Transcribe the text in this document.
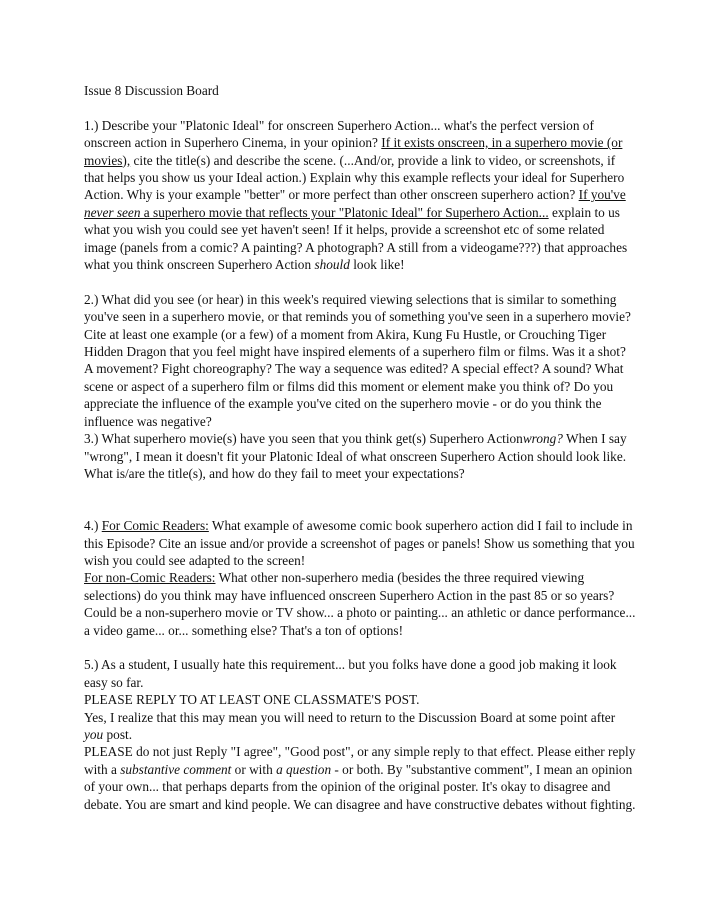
Issue 8 Discussion Board

1.) Describe your "Platonic Ideal" for onscreen Superhero Action... what's the perfect version of onscreen action in Superhero Cinema, in your opinion? If it exists onscreen, in a superhero movie (or movies), cite the title(s) and describe the scene. (...And/or, provide a link to video, or screenshots, if that helps you show us your Ideal action.) Explain why this example reflects your ideal for Superhero Action. Why is your example "better" or more perfect than other onscreen superhero action? If you've never seen a superhero movie that reflects your "Platonic Ideal" for Superhero Action... explain to us what you wish you could see yet haven't seen! If it helps, provide a screenshot etc of some related image (panels from a comic? A painting? A photograph? A still from a videogame???) that approaches what you think onscreen Superhero Action should look like!

2.) What did you see (or hear) in this week's required viewing selections that is similar to something you've seen in a superhero movie, or that reminds you of something you've seen in a superhero movie? Cite at least one example (or a few) of a moment from Akira, Kung Fu Hustle, or Crouching Tiger Hidden Dragon that you feel might have inspired elements of a superhero film or films. Was it a shot? A movement? Fight choreography? The way a sequence was edited? A special effect? A sound? What scene or aspect of a superhero film or films did this moment or element make you think of? Do you appreciate the influence of the example you've cited on the superhero movie - or do you think the influence was negative?

3.) What superhero movie(s) have you seen that you think get(s) Superhero Actionwrong? When I say "wrong", I mean it doesn't fit your Platonic Ideal of what onscreen Superhero Action should look like. What is/are the title(s), and how do they fail to meet your expectations?

4.) For Comic Readers: What example of awesome comic book superhero action did I fail to include in this Episode? Cite an issue and/or provide a screenshot of pages or panels! Show us something that you wish you could see adapted to the screen!

For non-Comic Readers: What other non-superhero media (besides the three required viewing selections) do you think may have influenced onscreen Superhero Action in the past 85 or so years? Could be a non-superhero movie or TV show... a photo or painting... an athletic or dance performance... a video game... or... something else? That's a ton of options!

5.) As a student, I usually hate this requirement... but you folks have done a good job making it look easy so far.

PLEASE REPLY TO AT LEAST ONE CLASSMATE'S POST.

Yes, I realize that this may mean you will need to return to the Discussion Board at some point after you post.

PLEASE do not just Reply "I agree", "Good post", or any simple reply to that effect. Please either reply with a substantive comment or with a question - or both. By "substantive comment", I mean an opinion of your own... that perhaps departs from the opinion of the original poster. It's okay to disagree and debate. You are smart and kind people. We can disagree and have constructive debates without fighting.
